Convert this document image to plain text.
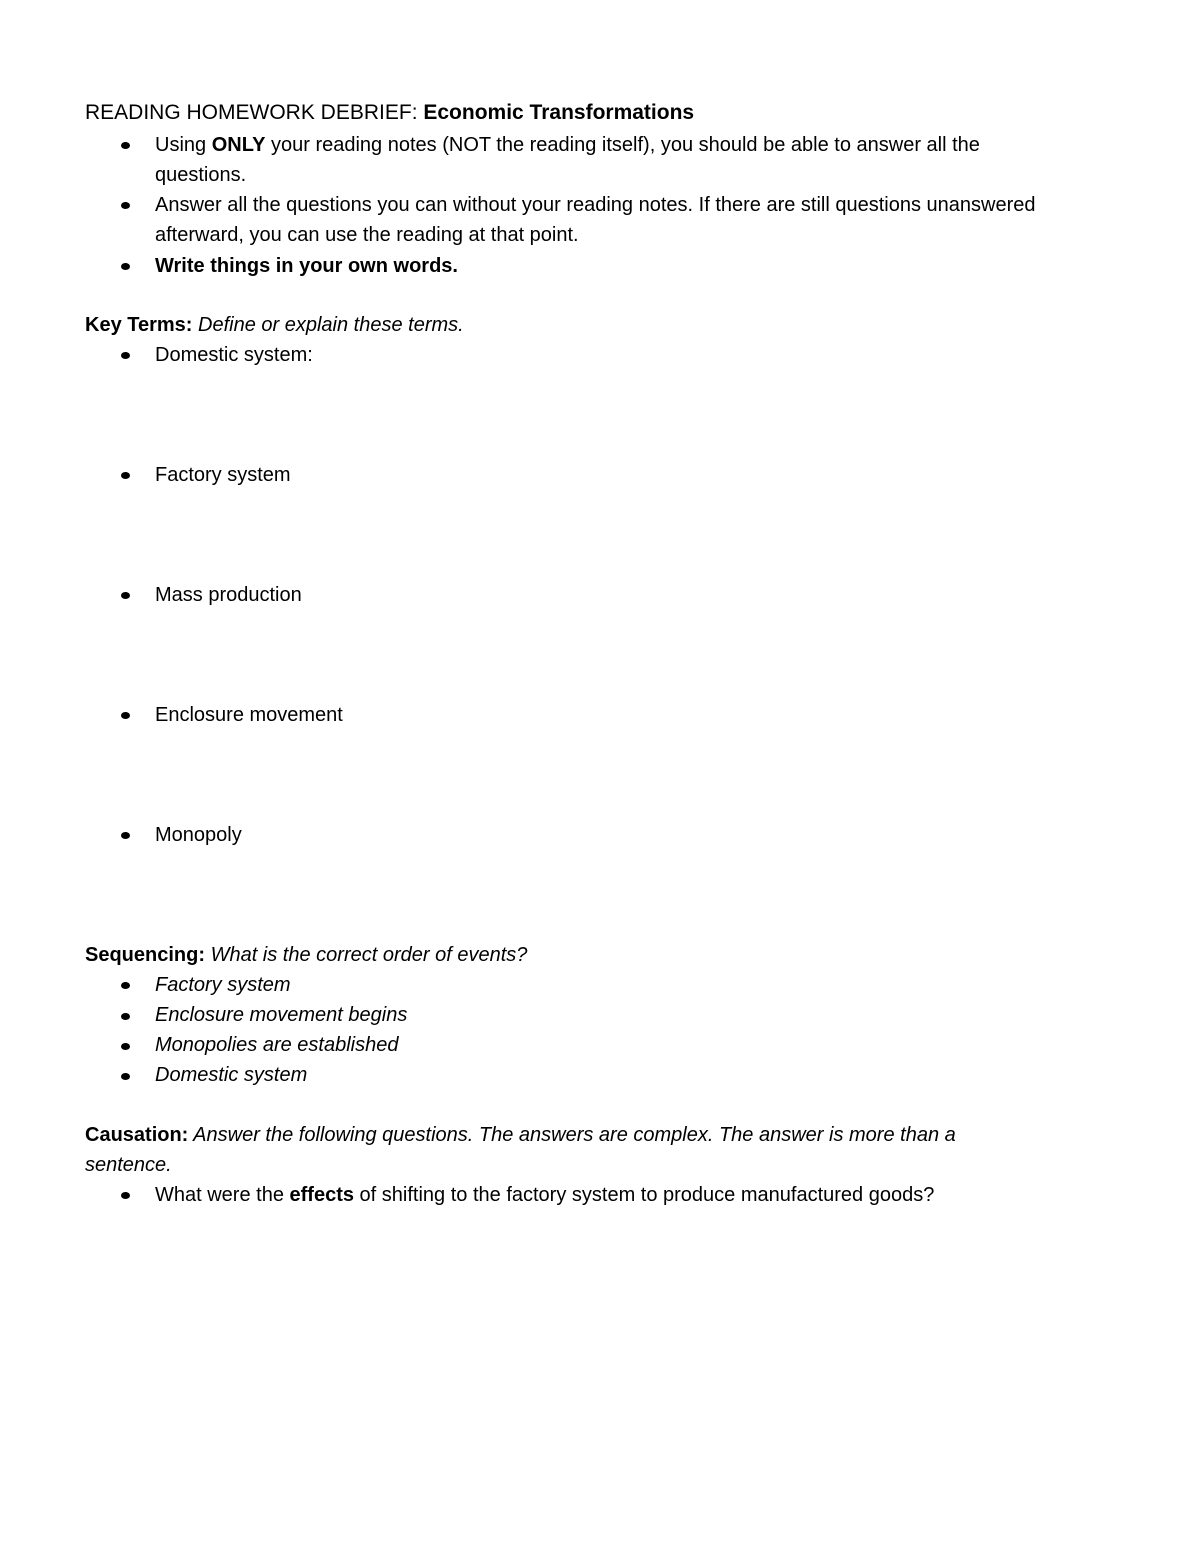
READING HOMEWORK DEBRIEF: Economic Transformations
Using ONLY your reading notes (NOT the reading itself), you should be able to answer all the
questions.
Answer all the questions you can without your reading notes. If there are still questions unanswered
afterward, you can use the reading at that point.
Write things in your own words.
Key Terms: Define or explain these terms.
Domestic system:
Factory system
Mass production
Enclosure movement
Monopoly
Sequencing: What is the correct order of events?
Factory system
Enclosure movement begins
Monopolies are established
Domestic system
Causation: Answer the following questions. The answers are complex. The answer is more than a
sentence.
What were the effects of shifting to the factory system to produce manufactured goods?
